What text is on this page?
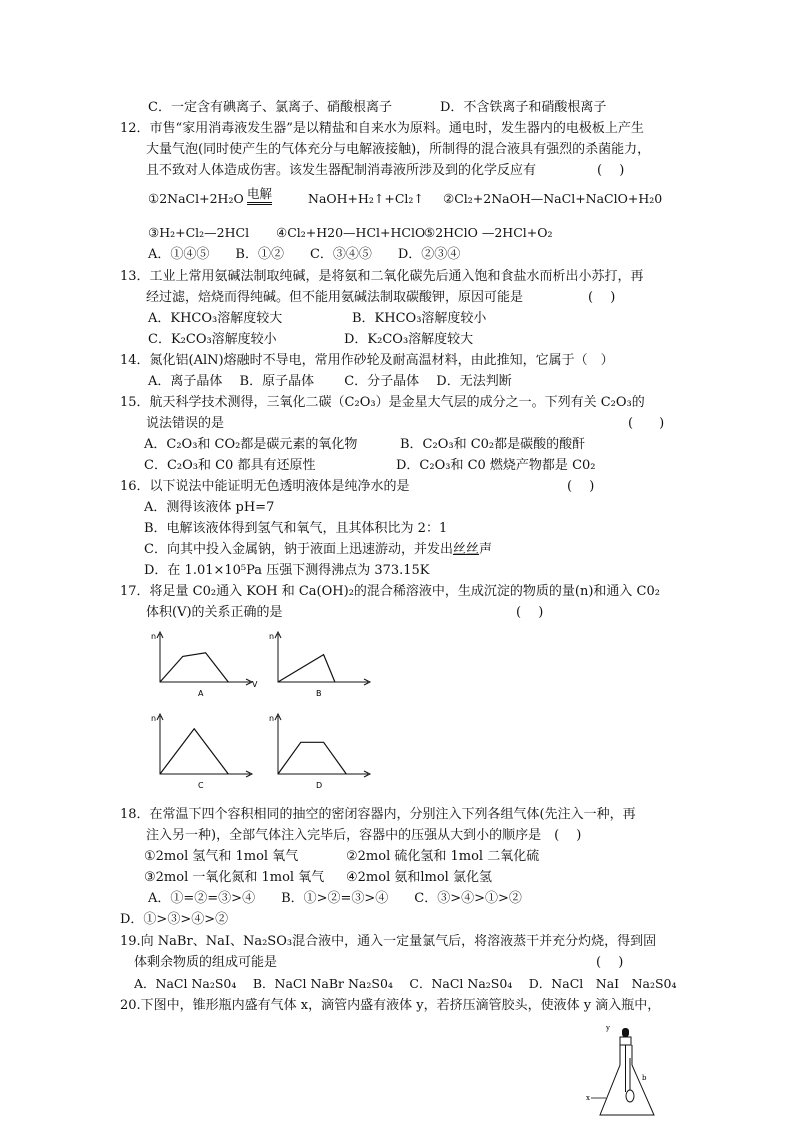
C．一定含有碘离子、氯离子、硝酸根离子	D．不含铁离子和硝酸根离子
12．市售“家用消毒液发生器”是以精盐和自来水为原料。通电时，发生器内的电极板上产生
大量气泡(同时使产生的气体充分与电解液接触)，所制得的混合液具有强烈的杀菌能力，
且不致对人体造成伤害。该发生器配制消毒液所涉及到的化学反应有	(　 )
①2NaCl+2H₂O 电解	NaOH+H₂↑+Cl₂↑ ②Cl₂+2NaOH—NaCl+NaClO+H₂0
③H₂+Cl₂—2HCl ④Cl₂+H20—HCl+HClO
⑤2HClO —2HCl+O₂
A．①④⑤　　B．①②　　C．③④⑤　　D．②③④
13．工业上常用氨碱法制取纯碱，是将氨和二氧化碳先后通入饱和食盐水而析出小苏打，再
经过滤，焙烧而得纯碱。但不能用氨碱法制取碳酸钾，原因可能是	(　 )
A．KHCO₃溶解度较大	B．KHCO₃溶解度较小
C．K₂CO₃溶解度较小	D．K₂CO₃溶解度较大
14．氮化铝(AlN)熔融时不导电，常用作砂轮及耐高温材料，由此推知，它属于（　）
A．离子晶体　 B．原子晶体　　 C．分子晶体　 D．无法判断
15．航天科学技术测得，三氧化二碳（C₂O₃）是金星大气层的成分之一。下列有关 C₂O₃的
说法错误的是	(　　)
A．C₂O₃和 CO₂都是碳元素的氧化物	B．C₂O₃和 C0₂都是碳酸的酸酐
C．C₂O₃和 C0 都具有还原性	D．C₂O₃和 C0 燃烧产物都是 C0₂
16．以下说法中能证明无色透明液体是纯净水的是	(　 )
A．测得该液体 pH=7
B．电解该液体得到氢气和氧气，且其体积比为 2：1
C．向其中投入金属钠，钠于液面上迅速游动，并发出丝丝声
D．在 1.01×10⁵Pa 压强下测得沸点为 373.15K
17．将足量 C0₂通入 KOH 和 Ca(OH)₂的混合稀溶液中，生成沉淀的物质的量(n)和通入 C0₂
体积(V)的关系正确的是	(　 )
n
V
A
n
B
n
C
n
D
18．在常温下四个容积相同的抽空的密闭容器内，分别注入下列各组气体(先注入一种，再
注入另一种)，全部气体注入完毕后，容器中的压强从大到小的顺序是　(　 )
①2mol 氢气和 1mol 氧气	②2mol 硫化氢和 1mol 二氧化硫
③2mol 一氧化氮和 1mol 氧气 ④2mol 氨和lmol 氯化氢
A．①=②=③>④　　B．①>②=③>④　　C．③>④>①>②
D．①>③>④>②
19.向 NaBr、NaI、Na₂SO₃混合液中，通入一定量氯气后，将溶液蒸干并充分灼烧，得到固
体剩余物质的组成可能是	(　 )
A．NaCl Na₂S0₄　 B．NaCl NaBr Na₂S0₄　 C．NaCl Na₂S0₄　 D．NaCl　NaI　Na₂S0₄
20.下图中，锥形瓶内盛有气体 x，滴管内盛有液体 y，若挤压滴管胶头，使液体 y 滴入瓶中，
y
b
x
